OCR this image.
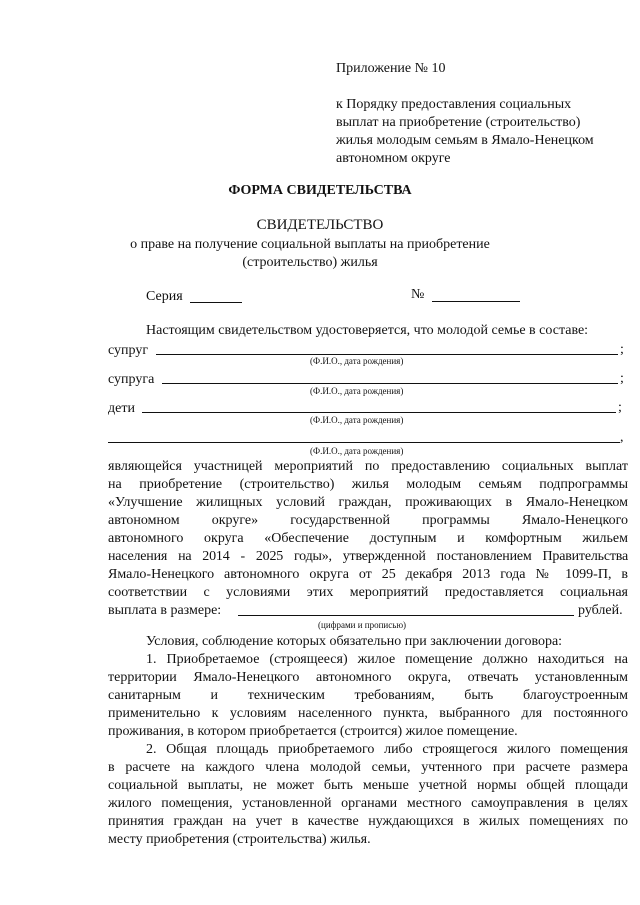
Приложение № 10
к Порядку предоставления социальных
выплат на приобретение (строительство)
жилья молодым семьям в Ямало-Ненецком
автономном округе
ФОРМА СВИДЕТЕЛЬСТВА
СВИДЕТЕЛЬСТВО
о праве на получение социальной выплаты на приобретение
(строительство) жилья
Серия	№
Настоящим свидетельством удостоверяется, что молодой семье в составе:
супруг	;
(Ф.И.О., дата рождения)
супруга	;
(Ф.И.О., дата рождения)
дети	;
(Ф.И.О., дата рождения)
,
(Ф.И.О., дата рождения)
являющейся участницей мероприятий по предоставлению социальных выплат
на приобретение (строительство) жилья молодым семьям подпрограммы
«Улучшение жилищных условий граждан, проживающих в Ямало-Ненецком
автономном округе» государственной программы Ямало-Ненецкого
автономного округа «Обеспечение доступным и комфортным жильем
населения на 2014 - 2025 годы», утвержденной постановлением Правительства
Ямало-Ненецкого автономного округа от 25 декабря 2013 года № 1099-П, в
соответствии с условиями этих мероприятий предоставляется социальная
выплата в размере:	рублей.
(цифрами и прописью)
Условия, соблюдение которых обязательно при заключении договора:
1. Приобретаемое (строящееся) жилое помещение должно находиться на
территории Ямало-Ненецкого автономного округа, отвечать установленным
санитарным и техническим требованиям, быть благоустроенным
применительно к условиям населенного пункта, выбранного для постоянного
проживания, в котором приобретается (строится) жилое помещение.
2. Общая площадь приобретаемого либо строящегося жилого помещения
в расчете на каждого члена молодой семьи, учтенного при расчете размера
социальной выплаты, не может быть меньше учетной нормы общей площади
жилого помещения, установленной органами местного самоуправления в целях
принятия граждан на учет в качестве нуждающихся в жилых помещениях по
месту приобретения (строительства) жилья.
